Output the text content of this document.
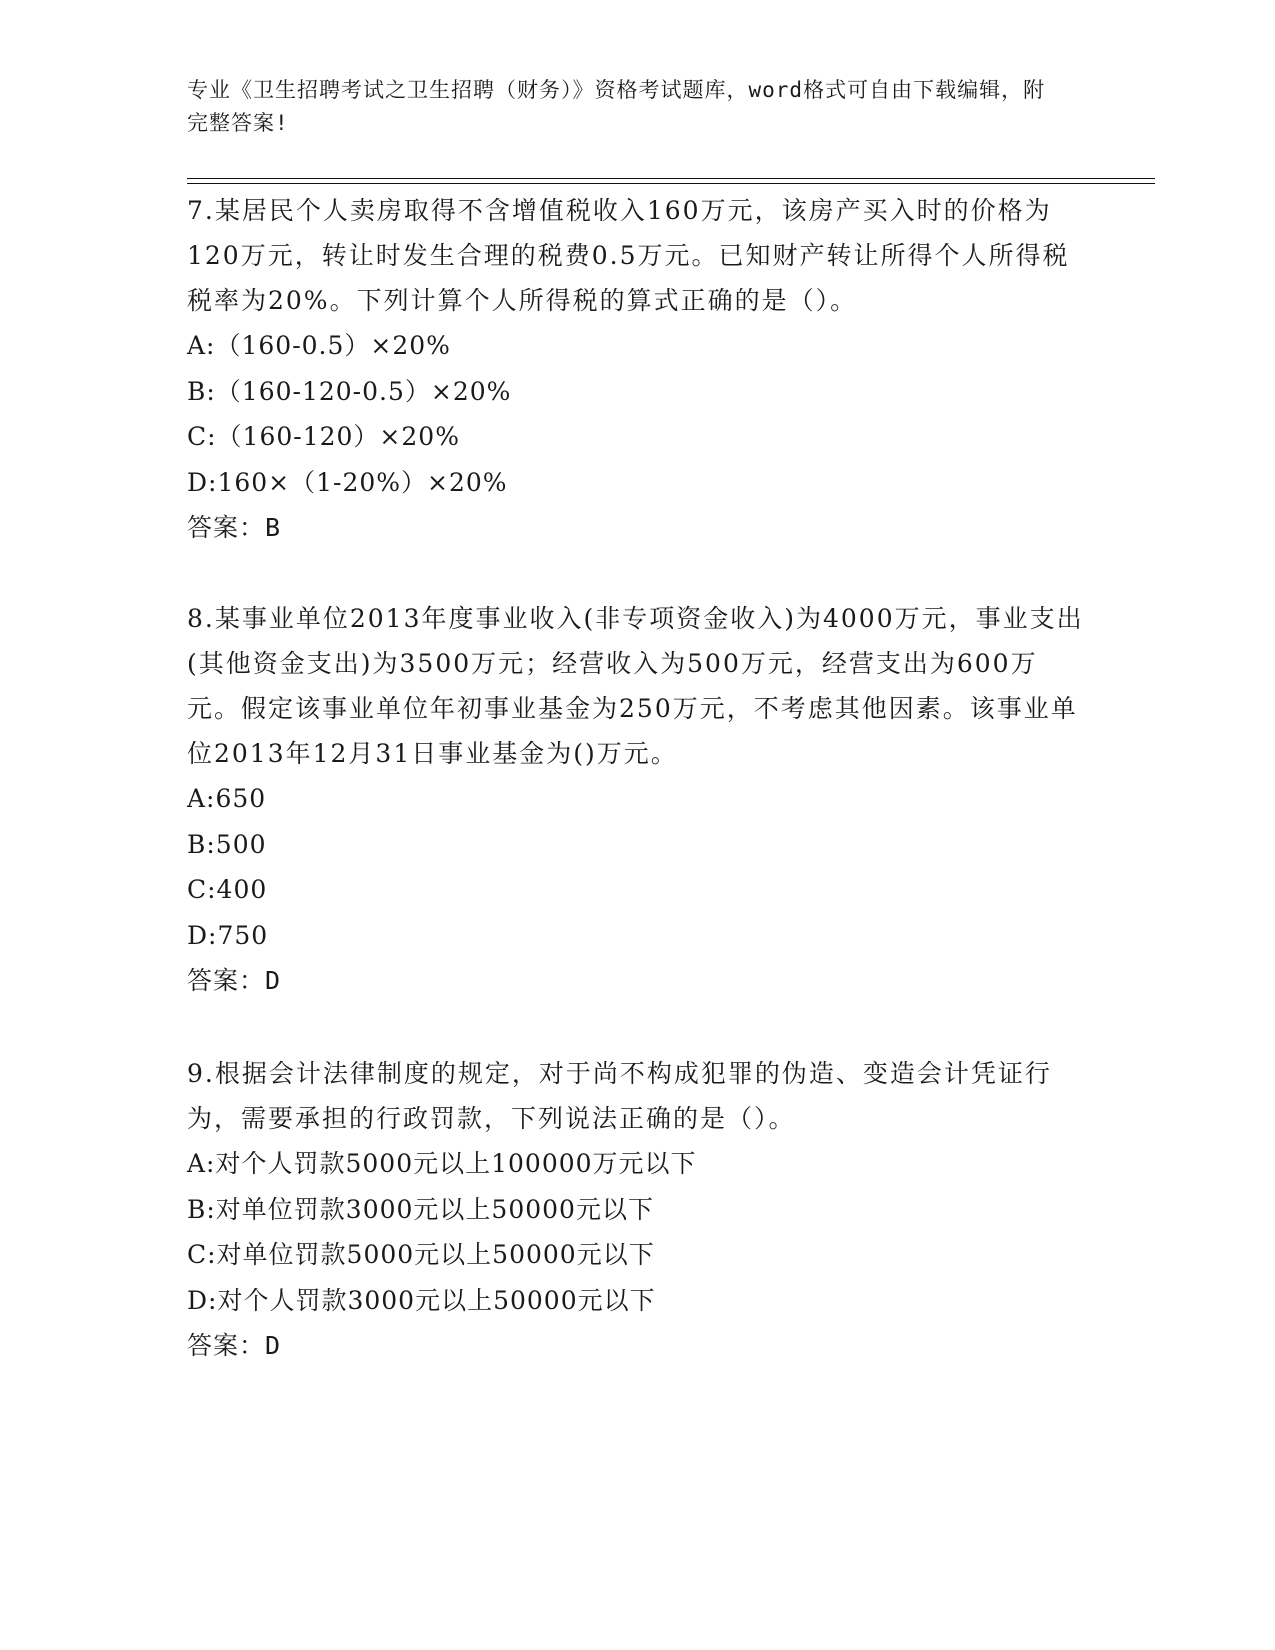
专业《卫生招聘考试之卫生招聘（财务）》资格考试题库，word格式可自由下载编辑，附完整答案!
7.某居民个人卖房取得不含增值税收入160万元，该房产买入时的价格为120万元，转让时发生合理的税费0.5万元。已知财产转让所得个人所得税税率为20%。下列计算个人所得税的算式正确的是（）。
A:（160-0.5）×20%
B:（160-120-0.5）×20%
C:（160-120）×20%
D:160×（1-20%）×20%
答案：B
8.某事业单位2013年度事业收入(非专项资金收入)为4000万元，事业支出(其他资金支出)为3500万元；经营收入为500万元，经营支出为600万元。假定该事业单位年初事业基金为250万元，不考虑其他因素。该事业单位2013年12月31日事业基金为()万元。
A:650
B:500
C:400
D:750
答案：D
9.根据会计法律制度的规定，对于尚不构成犯罪的伪造、变造会计凭证行为，需要承担的行政罚款，下列说法正确的是（）。
A:对个人罚款5000元以上100000万元以下
B:对单位罚款3000元以上50000元以下
C:对单位罚款5000元以上50000元以下
D:对个人罚款3000元以上50000元以下
答案：D
